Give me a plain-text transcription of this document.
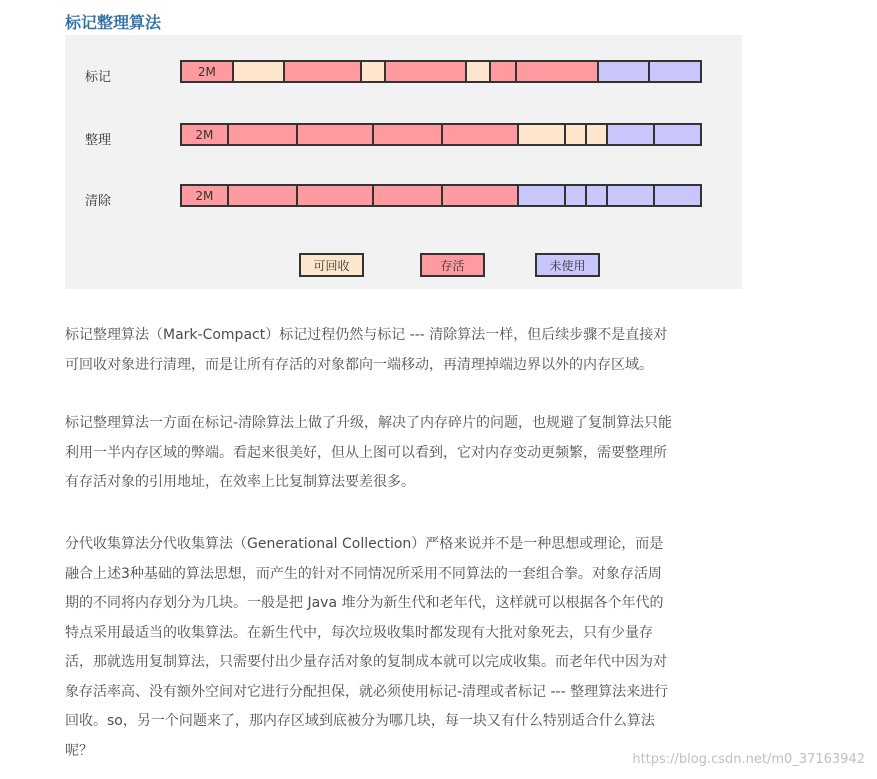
标记整理算法
标记	2M
整理	2M
清除	2M
可回收	存活	未使用
标记整理算法（Mark-Compact）标记过程仍然与标记 --- 清除算法一样，但后续步骤不是直接对
可回收对象进行清理，而是让所有存活的对象都向一端移动，再清理掉端边界以外的内存区域。
标记整理算法一方面在标记-清除算法上做了升级，解决了内存碎片的问题，也规避了复制算法只能
利用一半内存区域的弊端。看起来很美好，但从上图可以看到，它对内存变动更频繁，需要整理所
有存活对象的引用地址，在效率上比复制算法要差很多。
分代收集算法分代收集算法（Generational Collection）严格来说并不是一种思想或理论，而是
融合上述3种基础的算法思想，而产生的针对不同情况所采用不同算法的一套组合拳。对象存活周
期的不同将内存划分为几块。一般是把 Java 堆分为新生代和老年代，这样就可以根据各个年代的
特点采用最适当的收集算法。在新生代中，每次垃圾收集时都发现有大批对象死去，只有少量存
活，那就选用复制算法，只需要付出少量存活对象的复制成本就可以完成收集。而老年代中因为对
象存活率高、没有额外空间对它进行分配担保，就必须使用标记-清理或者标记 --- 整理算法来进行
回收。so，另一个问题来了，那内存区域到底被分为哪几块，每一块又有什么特别适合什么算法
呢？
https://blog.csdn.net/m0_37163942
